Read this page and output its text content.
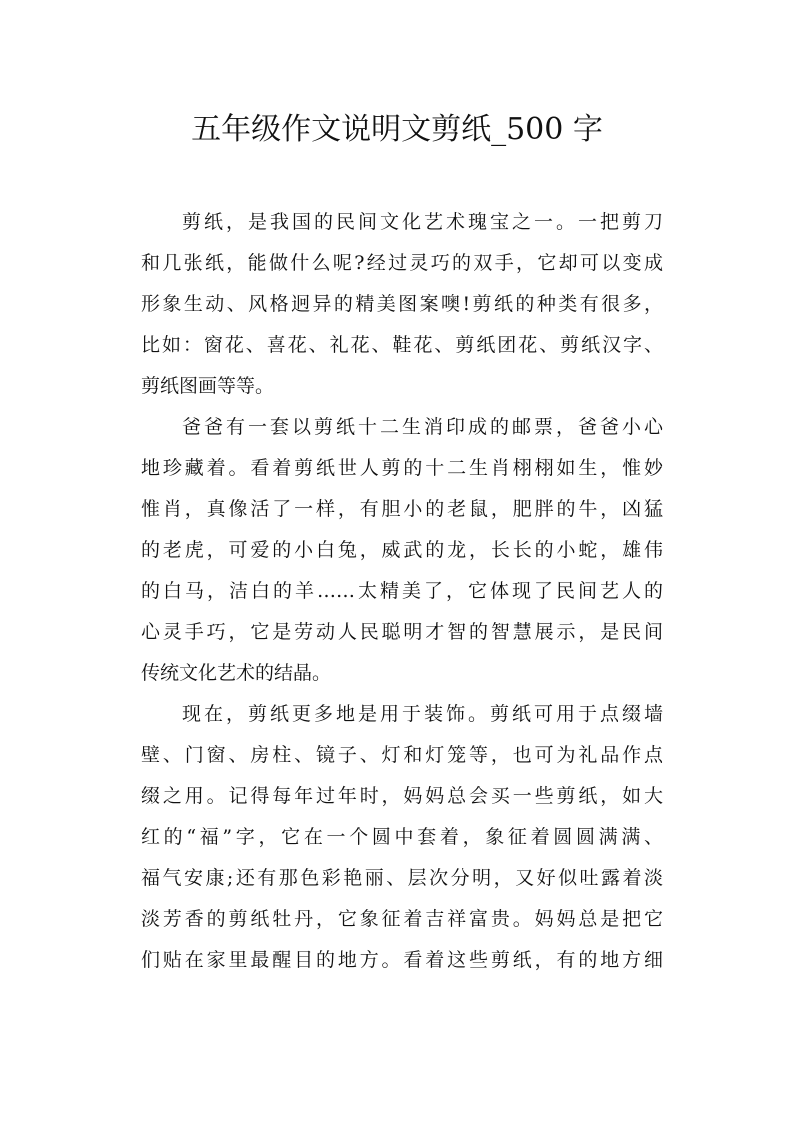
五年级作文说明文剪纸_500 字
剪纸，是我国的民间文化艺术瑰宝之一。一把剪刀
和几张纸，能做什么呢?经过灵巧的双手，它却可以变成
形象生动、风格迥异的精美图案噢!剪纸的种类有很多，
比如：窗花、喜花、礼花、鞋花、剪纸团花、剪纸汉字、
剪纸图画等等。
爸爸有一套以剪纸十二生消印成的邮票，爸爸小心
地珍藏着。看着剪纸世人剪的十二生肖栩栩如生，惟妙
惟肖，真像活了一样，有胆小的老鼠，肥胖的牛，凶猛
的老虎，可爱的小白兔，威武的龙，长长的小蛇，雄伟
的白马，洁白的羊……太精美了，它体现了民间艺人的
心灵手巧，它是劳动人民聪明才智的智慧展示，是民间
传统文化艺术的结晶。
现在，剪纸更多地是用于装饰。剪纸可用于点缀墙
壁、门窗、房柱、镜子、灯和灯笼等，也可为礼品作点
缀之用。记得每年过年时，妈妈总会买一些剪纸，如大
红的“福”字，它在一个圆中套着，象征着圆圆满满、
福气安康;还有那色彩艳丽、层次分明，又好似吐露着淡
淡芳香的剪纸牡丹，它象征着吉祥富贵。妈妈总是把它
们贴在家里最醒目的地方。看着这些剪纸，有的地方细
